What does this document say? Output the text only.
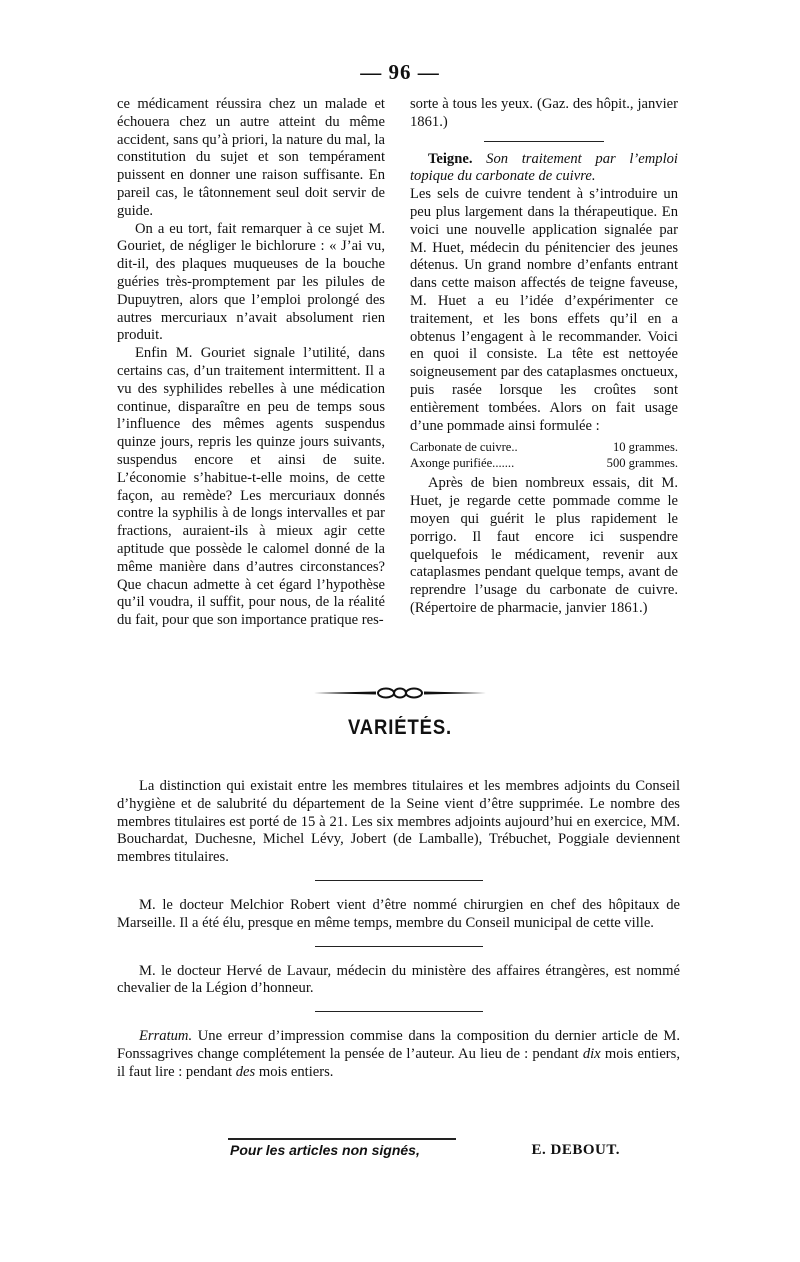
— 96 —

ce médicament réussira chez un malade et échouera chez un autre atteint du même accident, sans qu’à priori, la nature du mal, la constitution du sujet et son tempérament puissent en donner une raison suffisante. En pareil cas, le tâtonnement seul doit servir de guide.

On a eu tort, fait remarquer à ce sujet M. Gouriet, de négliger le bichlorure : « J’ai vu, dit-il, des plaques muqueuses de la bouche guéries très-promptement par les pilules de Dupuytren, alors que l’emploi prolongé des autres mercuriaux n’avait absolument rien produit.

Enfin M. Gouriet signale l’utilité, dans certains cas, d’un traitement intermittent. Il a vu des syphilides rebelles à une médication continue, disparaître en peu de temps sous l’influence des mêmes agents suspendus quinze jours, repris les quinze jours suivants, suspendus encore et ainsi de suite. L’économie s’habitue-t-elle moins, de cette façon, au remède? Les mercuriaux donnés contre la syphilis à de longs intervalles et par fractions, auraient-ils à mieux agir cette aptitude que possède le calomel donné de la même manière dans d’autres circonstances? Que chacun admette à cet égard l’hypothèse qu’il voudra, il suffit, pour nous, de la réalité du fait, pour que son importance pratique res-

sorte à tous les yeux. (Gaz. des hôpit., janvier 1861.)

Teigne. Son traitement par l’emploi topique du carbonate de cuivre.

Les sels de cuivre tendent à s’introduire un peu plus largement dans la thérapeutique. En voici une nouvelle application signalée par M. Huet, médecin du pénitencier des jeunes détenus. Un grand nombre d’enfants entrant dans cette maison affectés de teigne faveuse, M. Huet a eu l’idée d’expérimenter ce traitement, et les bons effets qu’il en a obtenus l’engagent à le recommander. Voici en quoi il consiste. La tête est nettoyée soigneusement par des cataplasmes onctueux, puis rasée lorsque les croûtes sont entièrement tombées. Alors on fait usage d’une pommade ainsi formulée :

Carbonate de cuivre..	10 grammes.
Axonge purifiée.......	500 grammes.

Après de bien nombreux essais, dit M. Huet, je regarde cette pommade comme le moyen qui guérit le plus rapidement le porrigo. Il faut encore ici suspendre quelquefois le médicament, revenir aux cataplasmes pendant quelque temps, avant de reprendre l’usage du carbonate de cuivre. (Répertoire de pharmacie, janvier 1861.)

VARIÉTÉS.

La distinction qui existait entre les membres titulaires et les membres adjoints du Conseil d’hygiène et de salubrité du département de la Seine vient d’être supprimée. Le nombre des membres titulaires est porté de 15 à 21. Les six membres adjoints aujourd’hui en exercice, MM. Bouchardat, Duchesne, Michel Lévy, Jobert (de Lamballe), Trébuchet, Poggiale deviennent membres titulaires.

M. le docteur Melchior Robert vient d’être nommé chirurgien en chef des hôpitaux de Marseille. Il a été élu, presque en même temps, membre du Conseil municipal de cette ville.

M. le docteur Hervé de Lavaur, médecin du ministère des affaires étrangères, est nommé chevalier de la Légion d’honneur.

Erratum. Une erreur d’impression commise dans la composition du dernier article de M. Fonssagrives change complétement la pensée de l’auteur. Au lieu de : pendant dix mois entiers, il faut lire : pendant des mois entiers.

Pour les articles non signés,	E. DEBOUT.
